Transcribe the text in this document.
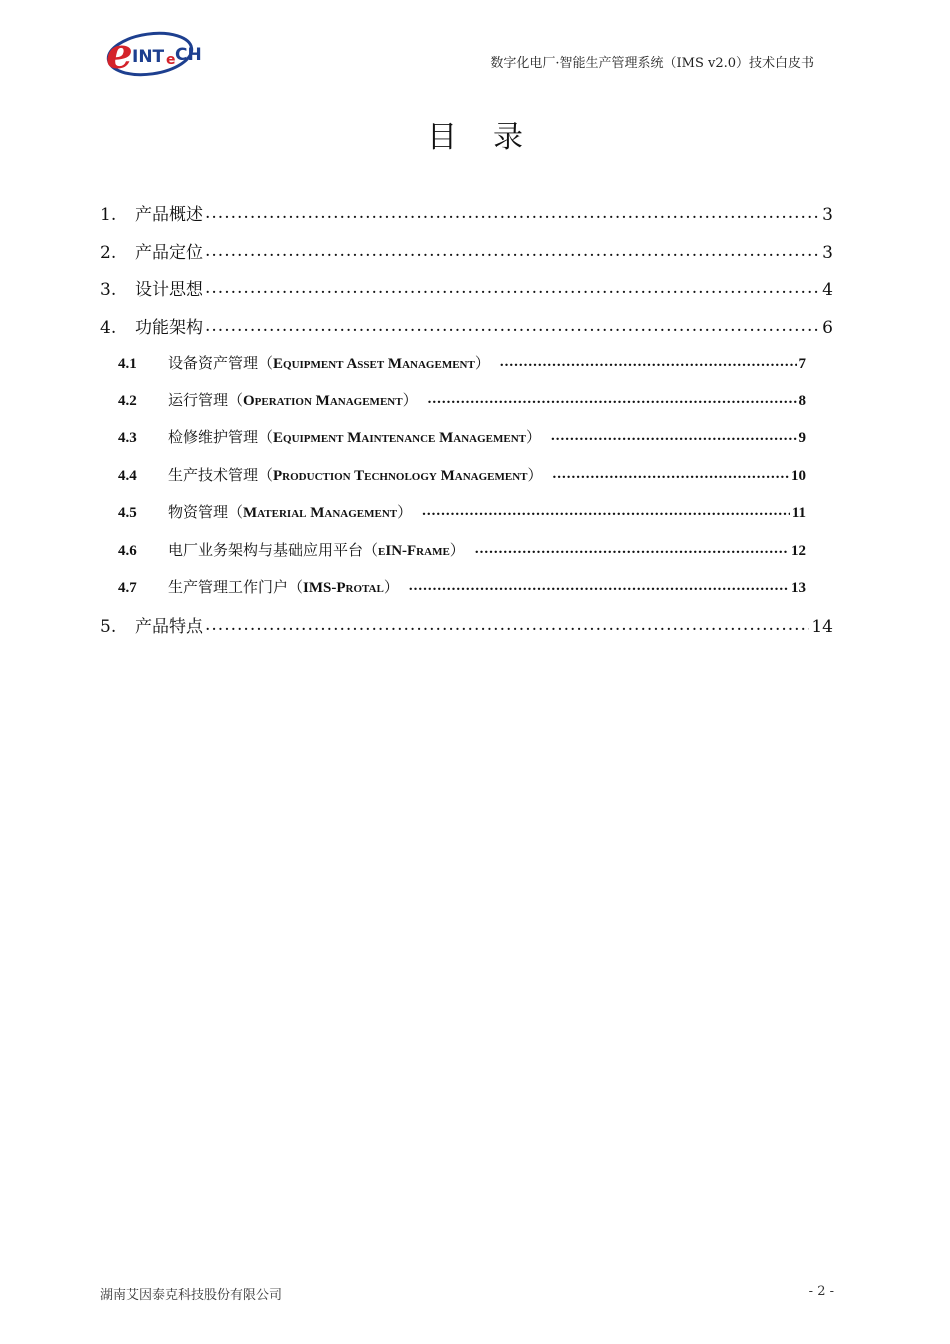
e INT e CH	数字化电厂·智能生产管理系统（IMS v2.0）技术白皮书
目录
1.	产品概述 .....	3
2.	产品定位 .....	3
3.	设计思想 .....	4
4.	功能架构 .....	6
4.1	设备资产管理（Equipment Asset Management） .....	7
4.2	运行管理（Operation Management） .....	8
4.3	检修维护管理（Equipment Maintenance Management） .....	9
4.4	生产技术管理（Production Technology Management） .....	10
4.5	物资管理（Material Management） .....	11
4.6	电厂业务架构与基础应用平台（eIN-Frame） .....	12
4.7	生产管理工作门户（IMS-Protal） .....	13
5.	产品特点 .....	14
湖南艾因泰克科技股份有限公司	- 2 -
